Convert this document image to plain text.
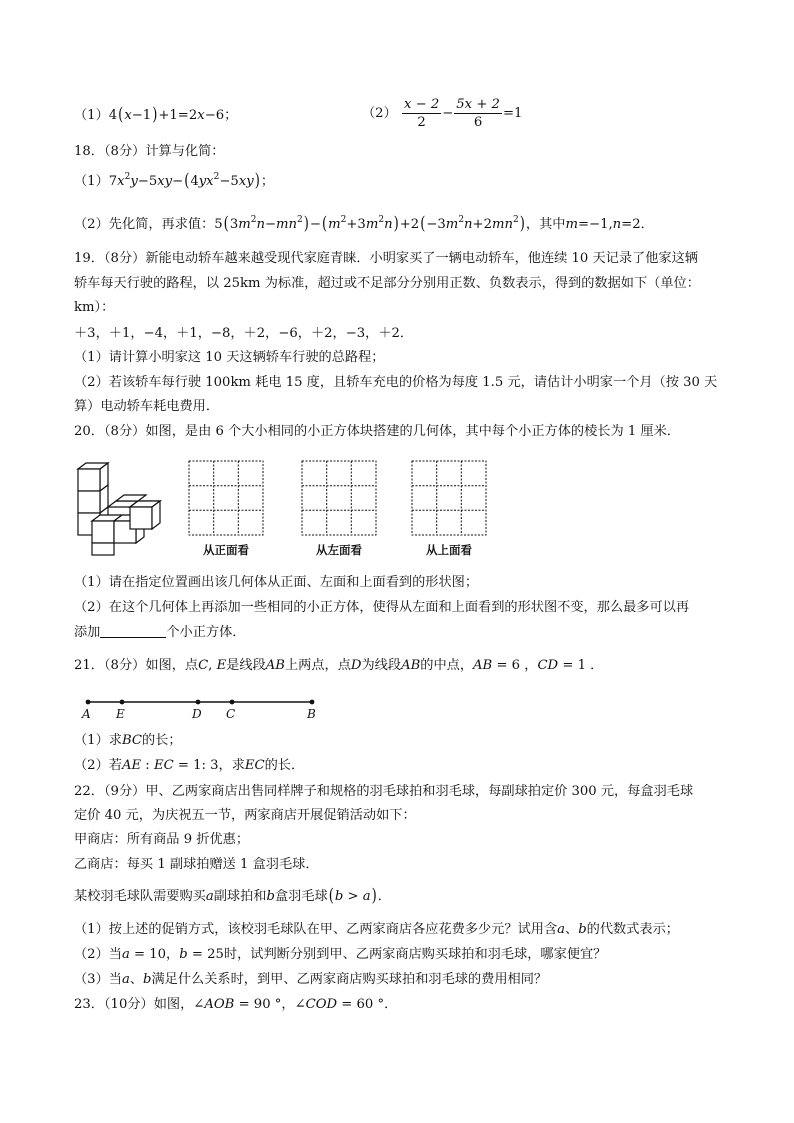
（1）4(x−1)+1=2x−6；	$(2) \frac{x - 2}{2} - \frac{5x + 2}{6} =1$
18．（8分）计算与化简：
$(1)7x^2y-5xy-(4yx^2-5xy)$；
（2）先化简，再求值：$5(3m^2n-mn^2)-(m^2+3m^2n)+2(-3m^2n+2mn^2)$，其中m=−1,n=2．
19．（8分）新能电动轿车越来越受现代家庭青睐．小明家买了一辆电动轿车，他连续 10 天记录了他家这辆
轿车每天行驶的路程，以 25km 为标准，超过或不足部分分别用正数、负数表示，得到的数据如下（单位：
km）：
＋3，＋1，−4，＋1，−8，＋2，−6，＋2，−3，＋2．
（1）请计算小明家这 10 天这辆轿车行驶的总路程；
（2）若该轿车每行驶 100km 耗电 15 度，且轿车充电的价格为每度 1.5 元，请估计小明家一个月（按 30 天
算）电动轿车耗电费用．
20．（8分）如图，是由 6 个大小相同的小正方体块搭建的几何体，其中每个小正方体的棱长为 1 厘米．
从正面看	从左面看	从上面看
（1）请在指定位置画出该几何体从正面、左面和上面看到的形状图；
（2）在这个几何体上再添加一些相同的小正方体，使得从左面和上面看到的形状图不变，那么最多可以再
添加	个小正方体．
21．（8分）如图，点C, E是线段AB上两点，点D为线段AB的中点，AB = 6 ，CD = 1 ．
A E	D C	B
（1）求BC的长；
（2）若AE : EC = 1: 3，求EC的长．
22．（9分）甲、乙两家商店出售同样牌子和规格的羽毛球拍和羽毛球，每副球拍定价 300 元，每盒羽毛球
定价 40 元，为庆祝五一节，两家商店开展促销活动如下：
甲商店：所有商品 9 折优惠；
乙商店：每买 1 副球拍赠送 1 盒羽毛球．
某校羽毛球队需要购买a副球拍和b盒羽毛球(b > a)．
（1）按上述的促销方式，该校羽毛球队在甲、乙两家商店各应花费多少元？试用含a、b的代数式表示；
（2）当a = 10，b = 25时，试判断分别到甲、乙两家商店购买球拍和羽毛球，哪家便宜？
（3）当a、b满足什么关系时，到甲、乙两家商店购买球拍和羽毛球的费用相同？
23．（10分）如图，∠AOB = 90 °，∠COD = 60 °．
